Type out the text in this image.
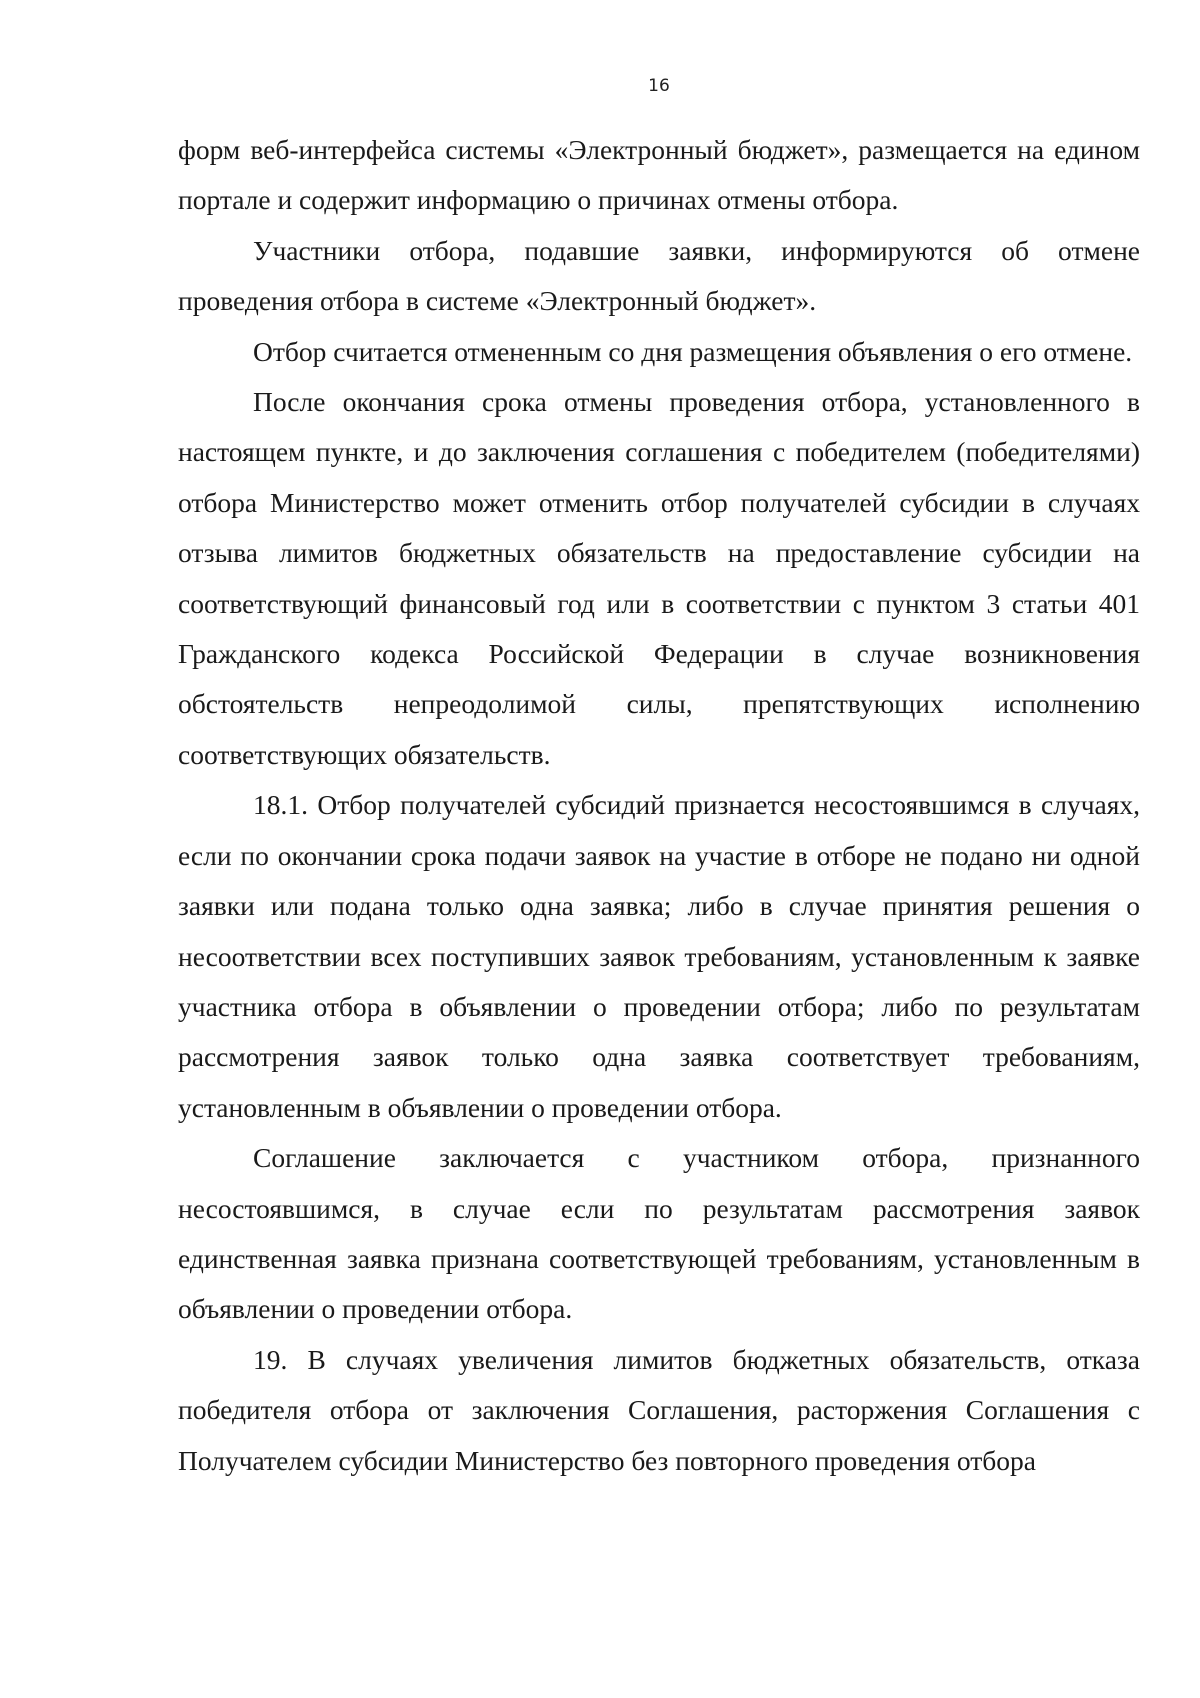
16

форм веб-интерфейса системы «Электронный бюджет», размещается на едином портале и содержит информацию о причинах отмены отбора.

Участники отбора, подавшие заявки, информируются об отмене проведения отбора в системе «Электронный бюджет».

Отбор считается отмененным со дня размещения объявления о его отмене.

После окончания срока отмены проведения отбора, установленного в настоящем пункте, и до заключения соглашения с победителем (победителями) отбора Министерство может отменить отбор получателей субсидии в случаях отзыва лимитов бюджетных обязательств на предоставление субсидии на соответствующий финансовый год или в соответствии с пунктом 3 статьи 401 Гражданского кодекса Российской Федерации в случае возникновения обстоятельств непреодолимой силы, препятствующих исполнению соответствующих обязательств.

18.1. Отбор получателей субсидий признается несостоявшимся в случаях, если по окончании срока подачи заявок на участие в отборе не подано ни одной заявки или подана только одна заявка; либо в случае принятия решения о несоответствии всех поступивших заявок требованиям, установленным к заявке участника отбора в объявлении о проведении отбора; либо по результатам рассмотрения заявок только одна заявка соответствует требованиям, установленным в объявлении о проведении отбора.

Соглашение заключается с участником отбора, признанного несостоявшимся, в случае если по результатам рассмотрения заявок единственная заявка признана соответствующей требованиям, установленным в объявлении о проведении отбора.

19. В случаях увеличения лимитов бюджетных обязательств, отказа победителя отбора от заключения Соглашения, расторжения Соглашения с Получателем субсидии Министерство без повторного проведения отбора
